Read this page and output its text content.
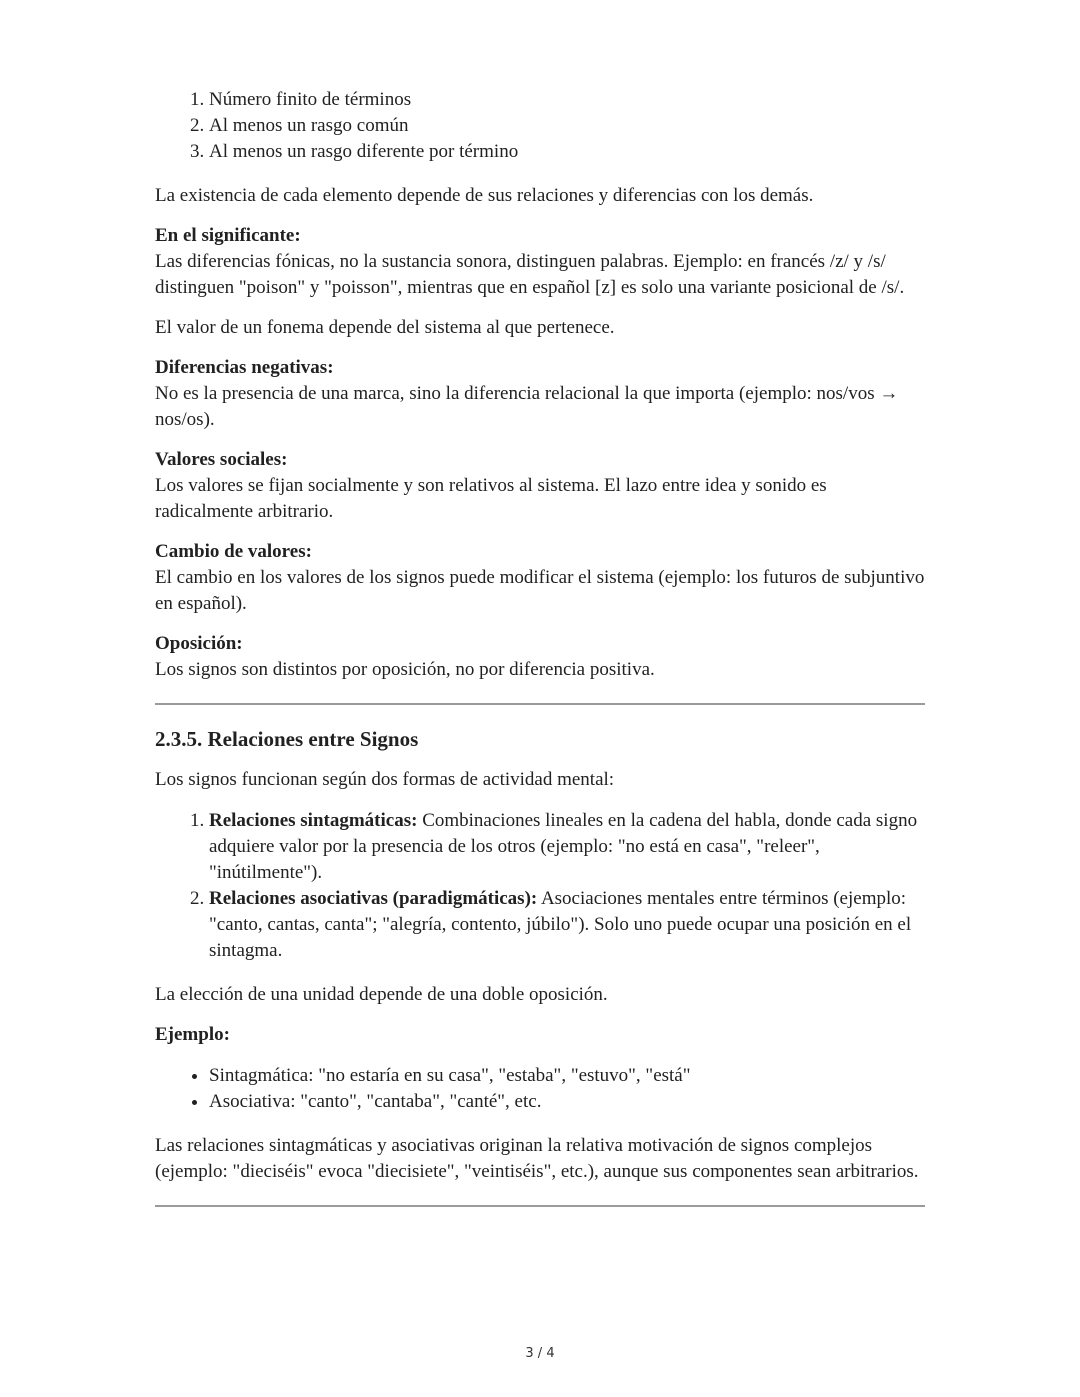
1. Número finito de términos
2. Al menos un rasgo común
3. Al menos un rasgo diferente por término

La existencia de cada elemento depende de sus relaciones y diferencias con los demás.

En el significante:
Las diferencias fónicas, no la sustancia sonora, distinguen palabras. Ejemplo: en francés /z/ y /s/ distinguen "poison" y "poisson", mientras que en español [z] es solo una variante posicional de /s/.

El valor de un fonema depende del sistema al que pertenece.

Diferencias negativas:
No es la presencia de una marca, sino la diferencia relacional la que importa (ejemplo: nos/vos → nos/os).

Valores sociales:
Los valores se fijan socialmente y son relativos al sistema. El lazo entre idea y sonido es radicalmente arbitrario.

Cambio de valores:
El cambio en los valores de los signos puede modificar el sistema (ejemplo: los futuros de subjuntivo en español).

Oposición:
Los signos son distintos por oposición, no por diferencia positiva.

2.3.5. Relaciones entre Signos

Los signos funcionan según dos formas de actividad mental:

1. Relaciones sintagmáticas: Combinaciones lineales en la cadena del habla, donde cada signo adquiere valor por la presencia de los otros (ejemplo: "no está en casa", "releer", "inútilmente").
2. Relaciones asociativas (paradigmáticas): Asociaciones mentales entre términos (ejemplo: "canto, cantas, canta"; "alegría, contento, júbilo"). Solo uno puede ocupar una posición en el sintagma.

La elección de una unidad depende de una doble oposición.

Ejemplo:

• Sintagmática: "no estaría en su casa", "estaba", "estuvo", "está"
• Asociativa: "canto", "cantaba", "canté", etc.

Las relaciones sintagmáticas y asociativas originan la relativa motivación de signos complejos (ejemplo: "dieciséis" evoca "diecisiete", "veintiséis", etc.), aunque sus componentes sean arbitrarios.

3 / 4
